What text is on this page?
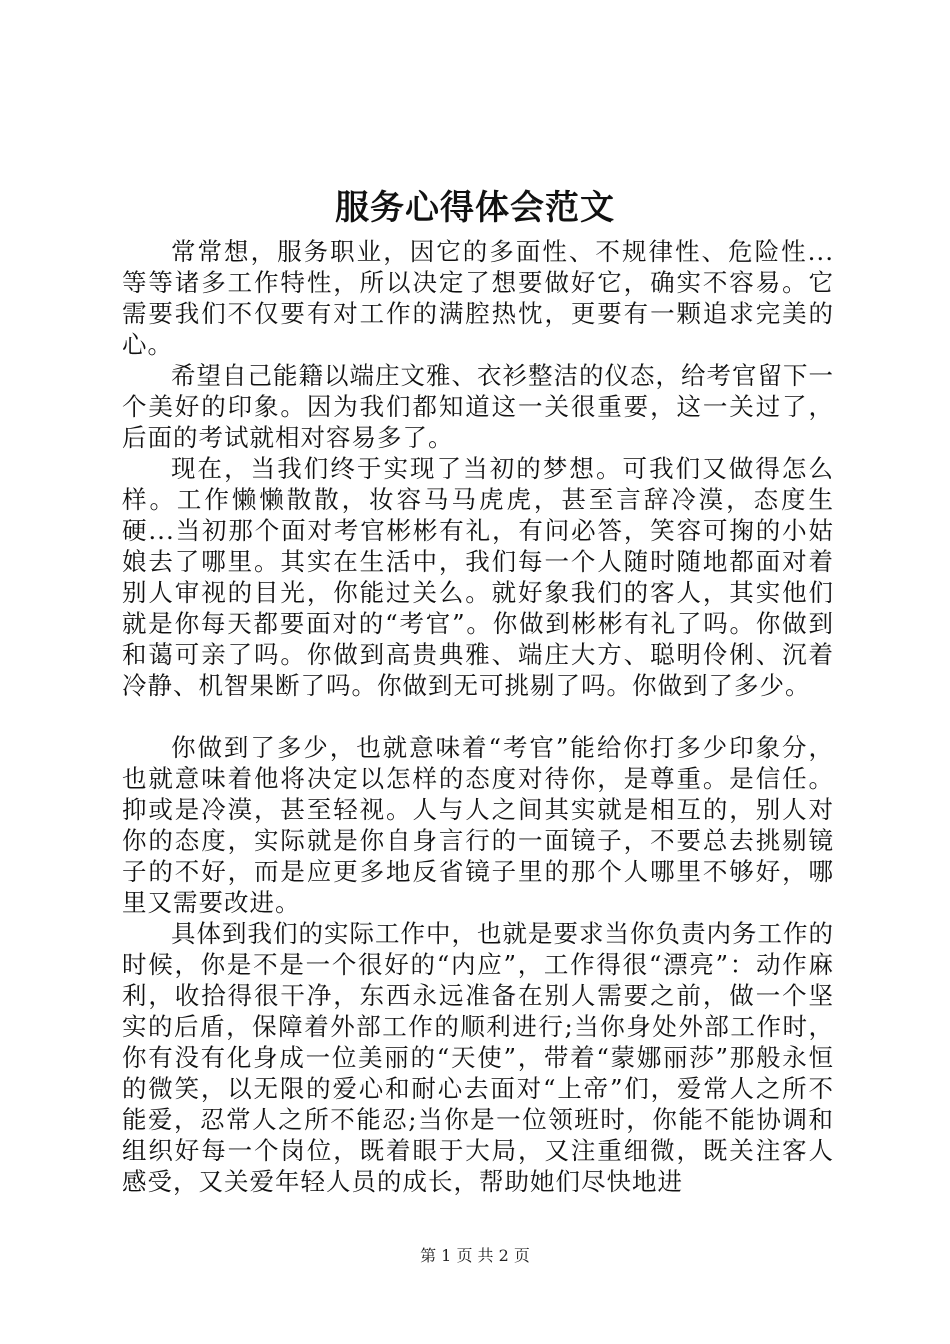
服务心得体会范文

常常想，服务职业，因它的多面性、不规律性、危险性...等等诸多工作特性，所以决定了想要做好它，确实不容易。它需要我们不仅要有对工作的满腔热忱，更要有一颗追求完美的心。

希望自己能籍以端庄文雅、衣衫整洁的仪态，给考官留下一个美好的印象。因为我们都知道这一关很重要，这一关过了，后面的考试就相对容易多了。

现在，当我们终于实现了当初的梦想。可我们又做得怎么样。工作懒懒散散，妆容马马虎虎，甚至言辞冷漠，态度生硬...当初那个面对考官彬彬有礼，有问必答，笑容可掬的小姑娘去了哪里。其实在生活中，我们每一个人随时随地都面对着别人审视的目光，你能过关么。就好象我们的客人，其实他们就是你每天都要面对的“考官”。你做到彬彬有礼了吗。你做到和蔼可亲了吗。你做到高贵典雅、端庄大方、聪明伶俐、沉着冷静、机智果断了吗。你做到无可挑剔了吗。你做到了多少。

你做到了多少，也就意味着“考官”能给你打多少印象分，也就意味着他将决定以怎样的态度对待你，是尊重。是信任。抑或是冷漠，甚至轻视。人与人之间其实就是相互的，别人对你的态度，实际就是你自身言行的一面镜子，不要总去挑剔镜子的不好，而是应更多地反省镜子里的那个人哪里不够好，哪里又需要改进。

具体到我们的实际工作中，也就是要求当你负责内务工作的时候，你是不是一个很好的“内应”，工作得很“漂亮”：动作麻利，收拾得很干净，东西永远准备在别人需要之前，做一个坚实的后盾，保障着外部工作的顺利进行;当你身处外部工作时，你有没有化身成一位美丽的“天使”，带着“蒙娜丽莎”那般永恒的微笑，以无限的爱心和耐心去面对“上帝”们，爱常人之所不能爱，忍常人之所不能忍;当你是一位领班时，你能不能协调和组织好每一个岗位，既着眼于大局，又注重细微，既关注客人感受，又关爱年轻人员的成长，帮助她们尽快地进

第 1 页 共 2 页
